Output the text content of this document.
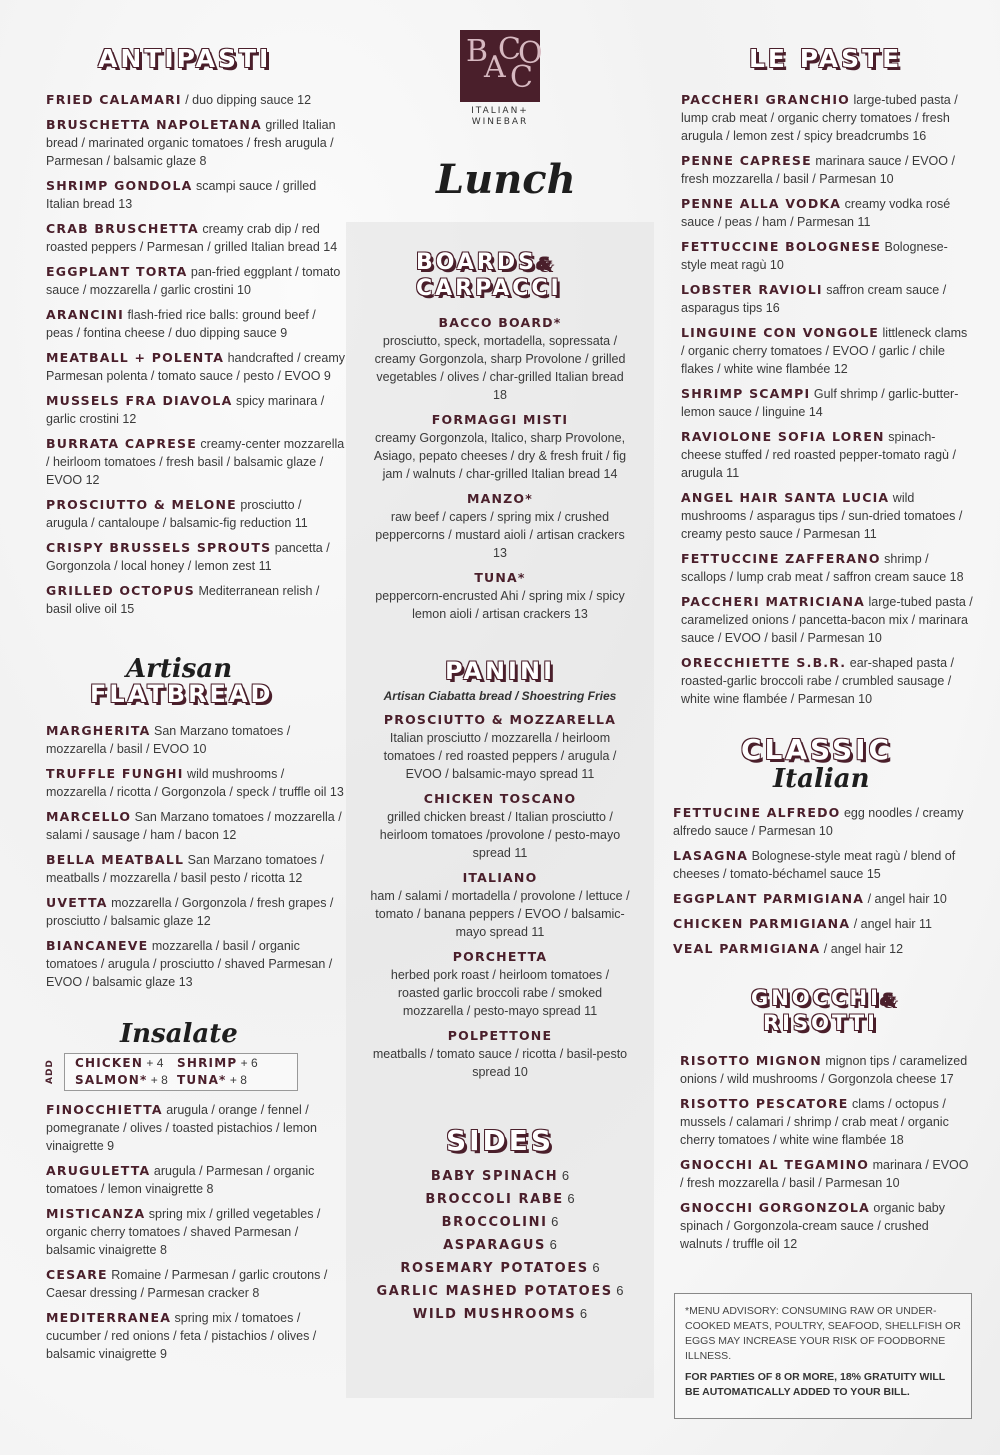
B
A
C
C
O
ITALIAN+
WINEBAR
Lunch
ANTIPASTI
FRIED CALAMARI / duo dipping sauce 12
BRUSCHETTA NAPOLETANA grilled Italian bread / marinated organic tomatoes / fresh arugula / Parmesan / balsamic glaze 8
SHRIMP GONDOLA scampi sauce / grilled Italian bread 13
CRAB BRUSCHETTA creamy crab dip / red roasted peppers / Parmesan / grilled Italian bread 14
EGGPLANT TORTA pan-fried eggplant / tomato sauce / mozzarella / garlic crostini 10
ARANCINI flash-fried rice balls: ground beef / peas / fontina cheese / duo dipping sauce 9
MEATBALL + POLENTA handcrafted / creamy Parmesan polenta / tomato sauce / pesto / EVOO 9
MUSSELS FRA DIAVOLA spicy marinara / garlic crostini 12
BURRATA CAPRESE creamy-center mozzarella / heirloom tomatoes / fresh basil / balsamic glaze / EVOO 12
PROSCIUTTO & MELONE prosciutto / arugula / cantaloupe / balsamic-fig reduction 11
CRISPY BRUSSELS SPROUTS pancetta / Gorgonzola / local honey / lemon zest 11
GRILLED OCTOPUS Mediterranean relish / basil olive oil 15
Artisan
FLATBREAD
MARGHERITA San Marzano tomatoes / mozzarella / basil / EVOO 10
TRUFFLE FUNGHI wild mushrooms / mozzarella / ricotta / Gorgonzola / speck / truffle oil 13
MARCELLO San Marzano tomatoes / mozzarella / salami / sausage / ham / bacon 12
BELLA MEATBALL San Marzano tomatoes / meatballs / mozzarella / basil pesto / ricotta 12
UVETTA mozzarella / Gorgonzola / fresh grapes / prosciutto / balsamic glaze 12
BIANCANEVE mozzarella / basil / organic tomatoes / arugula / prosciutto / shaved Parmesan / EVOO / balsamic glaze 13
Insalate
ADD	CHICKEN + 4 SHRIMP + 6
SALMON* + 8 TUNA* + 8
FINOCCHIETTA arugula / orange / fennel / pomegranate / olives / toasted pistachios / lemon vinaigrette 9
ARUGULETTA arugula / Parmesan / organic tomatoes / lemon vinaigrette 8
MISTICANZA spring mix / grilled vegetables / organic cherry tomatoes / shaved Parmesan / balsamic vinaigrette 8
CESARE Romaine / Parmesan / garlic croutons / Caesar dressing / Parmesan cracker 8
MEDITERRANEA spring mix / tomatoes / cucumber / red onions / feta / pistachios / olives / balsamic vinaigrette 9
BOARDS&
CARPACCI
BACCO BOARD*
prosciutto, speck, mortadella, sopressata / creamy Gorgonzola, sharp Provolone / grilled vegetables / olives / char-grilled Italian bread 18
FORMAGGI MISTI
creamy Gorgonzola, Italico, sharp Provolone, Asiago, pepato cheeses / dry & fresh fruit / fig jam / walnuts / char-grilled Italian bread 14
MANZO*
raw beef / capers / spring mix / crushed peppercorns / mustard aioli / artisan crackers 13
TUNA*
peppercorn-encrusted Ahi / spring mix / spicy lemon aioli / artisan crackers 13
PANINI
Artisan Ciabatta bread / Shoestring Fries
PROSCIUTTO & MOZZARELLA
Italian prosciutto / mozzarella / heirloom tomatoes / red roasted peppers / arugula / EVOO / balsamic-mayo spread 11
CHICKEN TOSCANO
grilled chicken breast / Italian prosciutto / heirloom tomatoes /provolone / pesto-mayo spread 11
ITALIANO
ham / salami / mortadella / provolone / lettuce / tomato / banana peppers / EVOO / balsamic-mayo spread 11
PORCHETTA
herbed pork roast / heirloom tomatoes / roasted garlic broccoli rabe / smoked mozzarella / pesto-mayo spread 11
POLPETTONE
meatballs / tomato sauce / ricotta / basil-pesto spread 10
SIDES
BABY SPINACH 6
BROCCOLI RABE 6
BROCCOLINI 6
ASPARAGUS 6
ROSEMARY POTATOES 6
GARLIC MASHED POTATOES 6
WILD MUSHROOMS 6
LE PASTE
PACCHERI GRANCHIO large-tubed pasta / lump crab meat / organic cherry tomatoes / fresh arugula / lemon zest / spicy breadcrumbs 16
PENNE CAPRESE marinara sauce / EVOO / fresh mozzarella / basil / Parmesan 10
PENNE ALLA VODKA creamy vodka rosé sauce / peas / ham / Parmesan 11
FETTUCCINE BOLOGNESE Bolognese-style meat ragù 10
LOBSTER RAVIOLI saffron cream sauce / asparagus tips 16
LINGUINE CON VONGOLE littleneck clams / organic cherry tomatoes / EVOO / garlic / chile flakes / white wine flambée 12
SHRIMP SCAMPI Gulf shrimp / garlic-butter-lemon sauce / linguine 14
RAVIOLONE SOFIA LOREN spinach-cheese stuffed / red roasted pepper-tomato ragù / arugula 11
ANGEL HAIR SANTA LUCIA wild mushrooms / asparagus tips / sun-dried tomatoes / creamy pesto sauce / Parmesan 11
FETTUCCINE ZAFFERANO shrimp / scallops / lump crab meat / saffron cream sauce 18
PACCHERI MATRICIANA large-tubed pasta / caramelized onions / pancetta-bacon mix / marinara sauce / EVOO / basil / Parmesan 10
ORECCHIETTE S.B.R. ear-shaped pasta / roasted-garlic broccoli rabe / crumbled sausage / white wine flambée / Parmesan 10
CLASSIC
Italian
FETTUCINE ALFREDO egg noodles / creamy alfredo sauce / Parmesan 10
LASAGNA Bolognese-style meat ragù / blend of cheeses / tomato-béchamel sauce 15
EGGPLANT PARMIGIANA / angel hair 10
CHICKEN PARMIGIANA / angel hair 11
VEAL PARMIGIANA / angel hair 12
GNOCCHI&
RISOTTI
RISOTTO MIGNON mignon tips / caramelized onions / wild mushrooms / Gorgonzola cheese 17
RISOTTO PESCATORE clams / octopus / mussels / calamari / shrimp / crab meat / organic cherry tomatoes / white wine flambée 18
GNOCCHI AL TEGAMINO marinara / EVOO / fresh mozzarella / basil / Parmesan 10
GNOCCHI GORGONZOLA organic baby spinach / Gorgonzola-cream sauce / crushed walnuts / truffle oil 12

*MENU ADVISORY: CONSUMING RAW OR UNDER-COOKED MEATS, POULTRY, SEAFOOD, SHELLFISH OR EGGS MAY INCREASE YOUR RISK OF FOODBORNE ILLNESS.

FOR PARTIES OF 8 OR MORE, 18% GRATUITY WILL BE AUTOMATICALLY ADDED TO YOUR BILL.
